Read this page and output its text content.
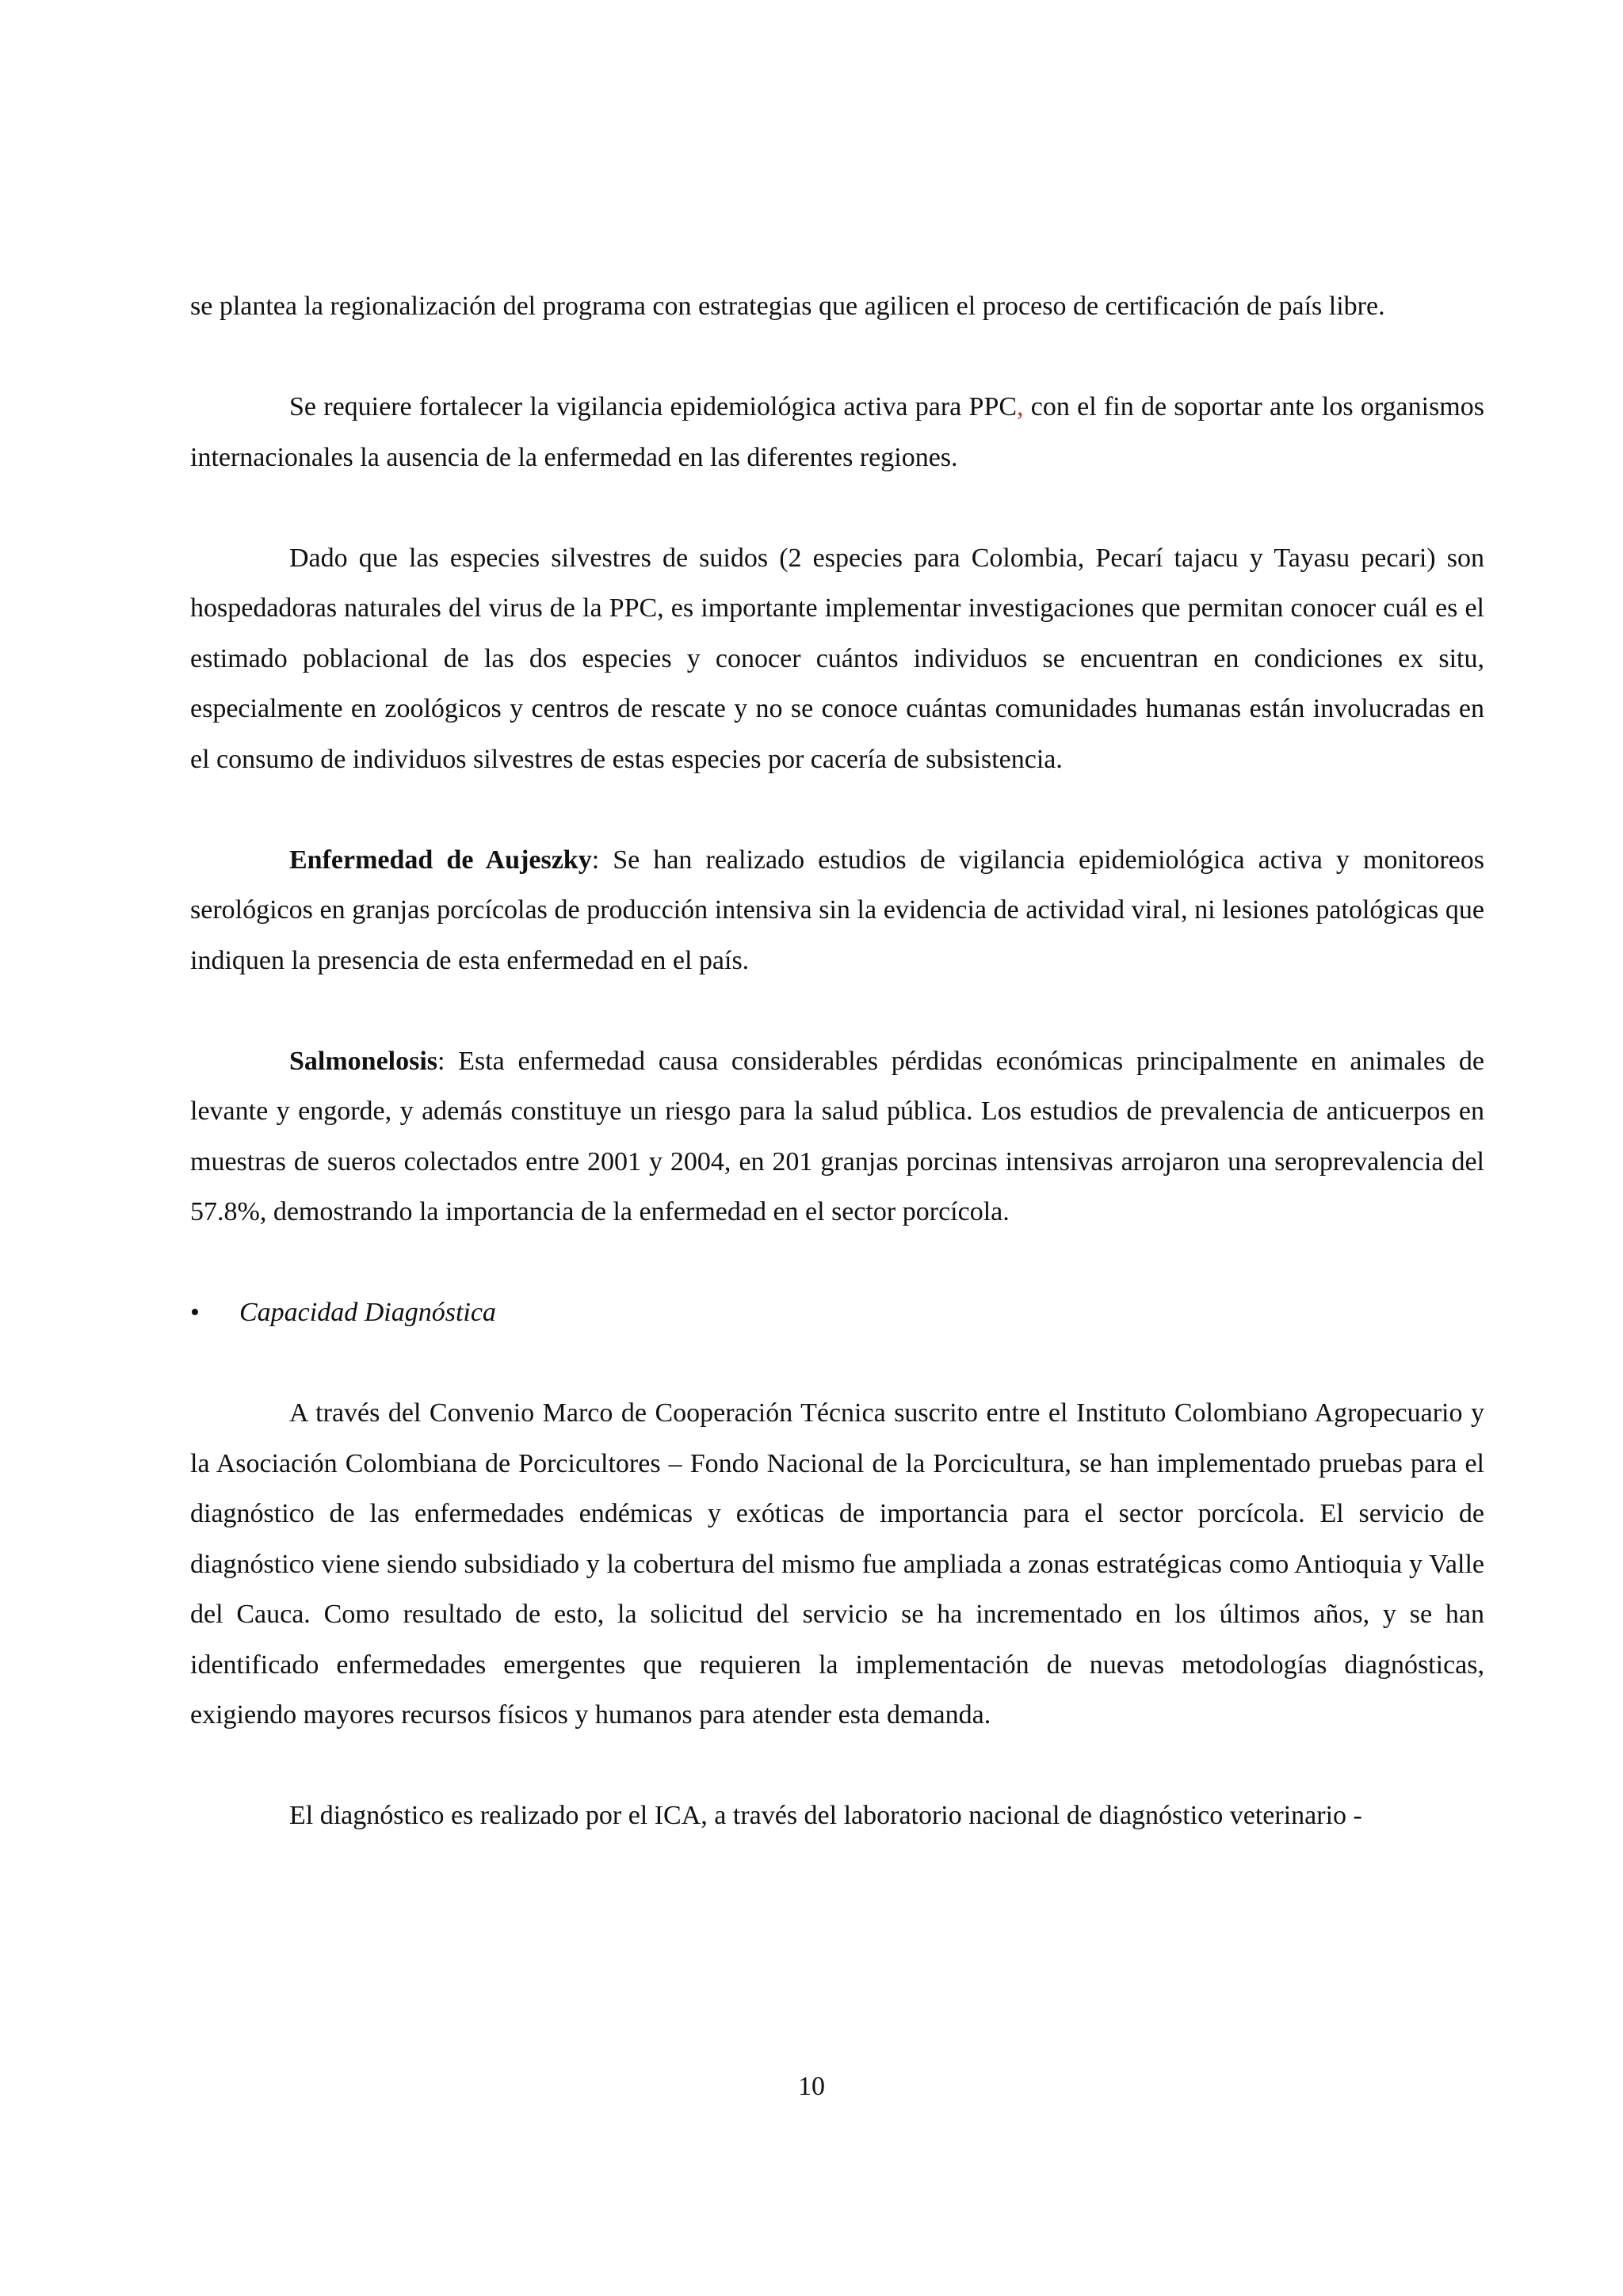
se plantea la regionalización del programa con estrategias que agilicen el proceso de certificación de país libre.

Se requiere fortalecer la vigilancia epidemiológica activa para PPC, con el fin de soportar ante los organismos internacionales la ausencia de la enfermedad en las diferentes regiones.

Dado que las especies silvestres de suidos (2 especies para Colombia, Pecarí tajacu y Tayasu pecari) son hospedadoras naturales del virus de la PPC, es importante implementar investigaciones que permitan conocer cuál es el estimado poblacional de las dos especies y conocer cuántos individuos se encuentran en condiciones ex situ, especialmente en zoológicos y centros de rescate y no se conoce cuántas comunidades humanas están involucradas en el consumo de individuos silvestres de estas especies por cacería de subsistencia.

Enfermedad de Aujeszky: Se han realizado estudios de vigilancia epidemiológica activa y monitoreos serológicos en granjas porcícolas de producción intensiva sin la evidencia de actividad viral, ni lesiones patológicas que indiquen la presencia de esta enfermedad en el país.

Salmonelosis: Esta enfermedad causa considerables pérdidas económicas principalmente en animales de levante y engorde, y además constituye un riesgo para la salud pública. Los estudios de prevalencia de anticuerpos en muestras de sueros colectados entre 2001 y 2004, en 201 granjas porcinas intensivas arrojaron una seroprevalencia del 57.8%, demostrando la importancia de la enfermedad en el sector porcícola.

•	Capacidad Diagnóstica

A través del Convenio Marco de Cooperación Técnica suscrito entre el Instituto Colombiano Agropecuario y la Asociación Colombiana de Porcicultores – Fondo Nacional de la Porcicultura, se han implementado pruebas para el diagnóstico de las enfermedades endémicas y exóticas de importancia para el sector porcícola. El servicio de diagnóstico viene siendo subsidiado y la cobertura del mismo fue ampliada a zonas estratégicas como Antioquia y Valle del Cauca. Como resultado de esto, la solicitud del servicio se ha incrementado en los últimos años, y se han identificado enfermedades emergentes que requieren la implementación de nuevas metodologías diagnósticas, exigiendo mayores recursos físicos y humanos para atender esta demanda.

El diagnóstico es realizado por el ICA, a través del laboratorio nacional de diagnóstico veterinario -

10
